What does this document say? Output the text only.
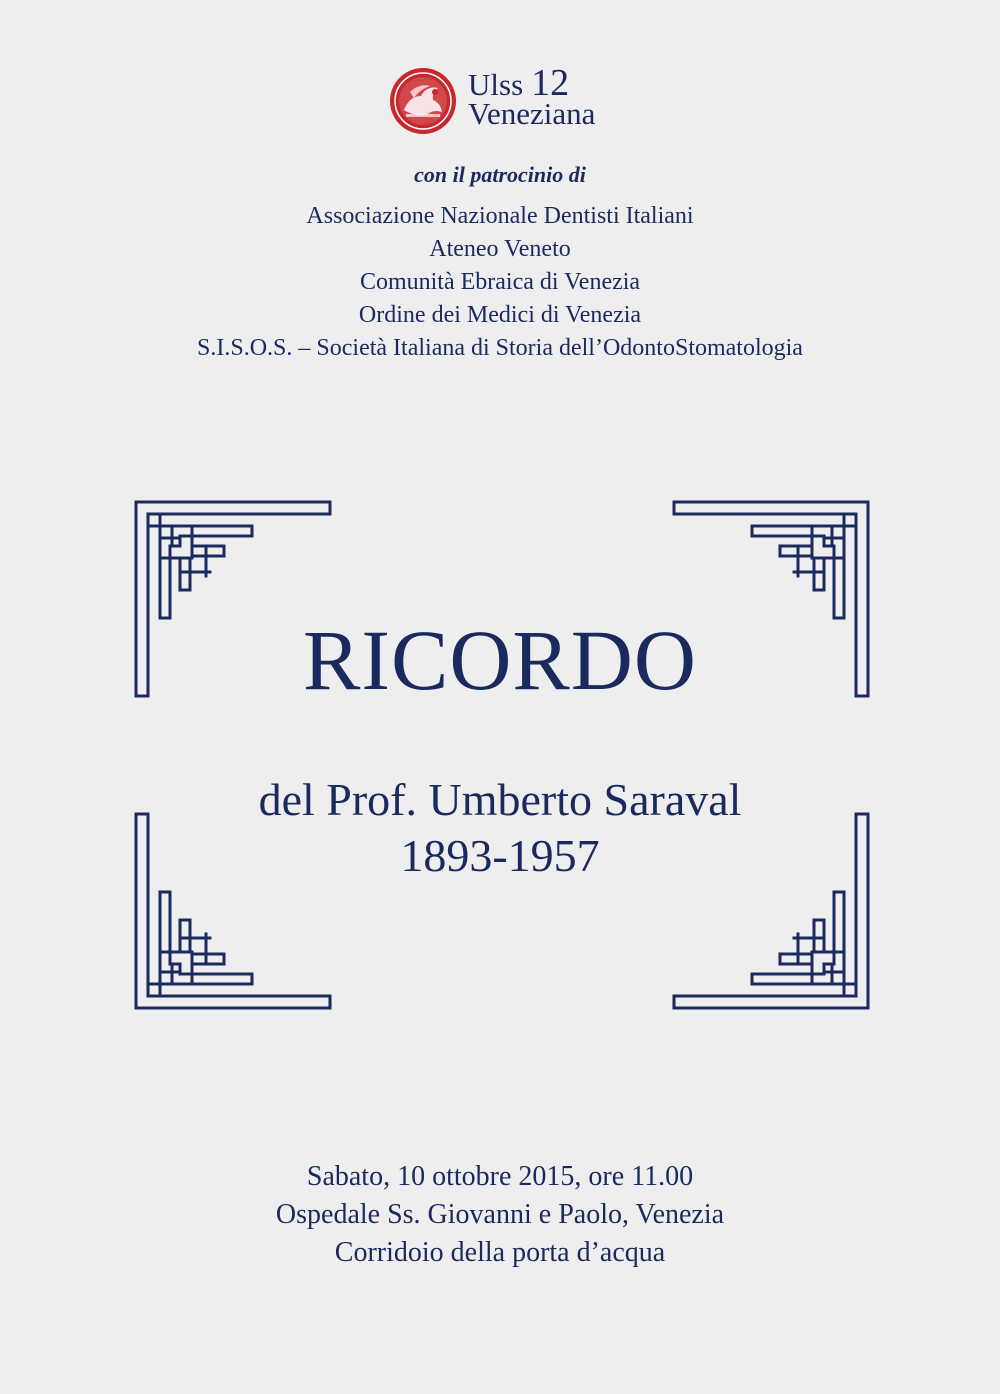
Ulss 12
Veneziana
con il patrocinio di
Associazione Nazionale Dentisti Italiani
Ateneo Veneto
Comunità Ebraica di Venezia
Ordine dei Medici di Venezia
S.I.S.O.S. – Società Italiana di Storia dell’OdontoStomatologia
RICORDO
del Prof. Umberto Saraval
1893-1957
Sabato, 10 ottobre 2015, ore 11.00
Ospedale Ss. Giovanni e Paolo, Venezia
Corridoio della porta d’acqua
